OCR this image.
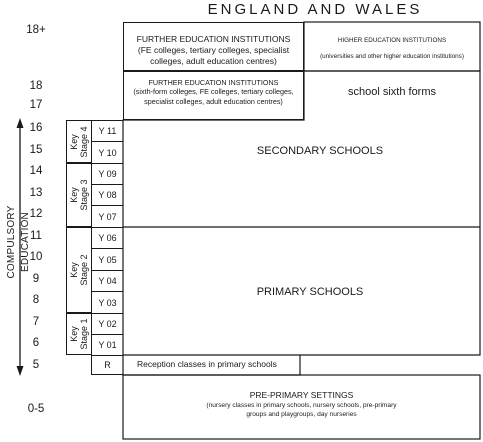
ENGLAND AND WALES
18+
18
17
16
15
14
13
12
11
10
9
8
7
6
5
0-5
COMPULSORY EDUCATION
FURTHER EDUCATION INSTITUTIONS
(FE colleges, tertiary colleges, specialist colleges, adult education centres)
HIGHER EDUCATION INSTITUTIONS
(universities and other higher education institutions)
FURTHER EDUCATION INSTITUTIONS
(sixth-form colleges, FE colleges, tertiary colleges, specialist colleges, adult education centres)
school sixth forms
SECONDARY SCHOOLS
PRIMARY SCHOOLS
Reception classes in primary schools
PRE-PRIMARY SETTINGS
(nursery classes in primary schools, nursery schools, pre-primary groups and playgroups, day nurseries
Key
Stage 4
Key
Stage 3
Key
Stage 2
Key
Stage 1
Y 11
Y 10
Y 09
Y 08
Y 07
Y 06
Y 05
Y 04
Y 03
Y 02
Y 01
R
